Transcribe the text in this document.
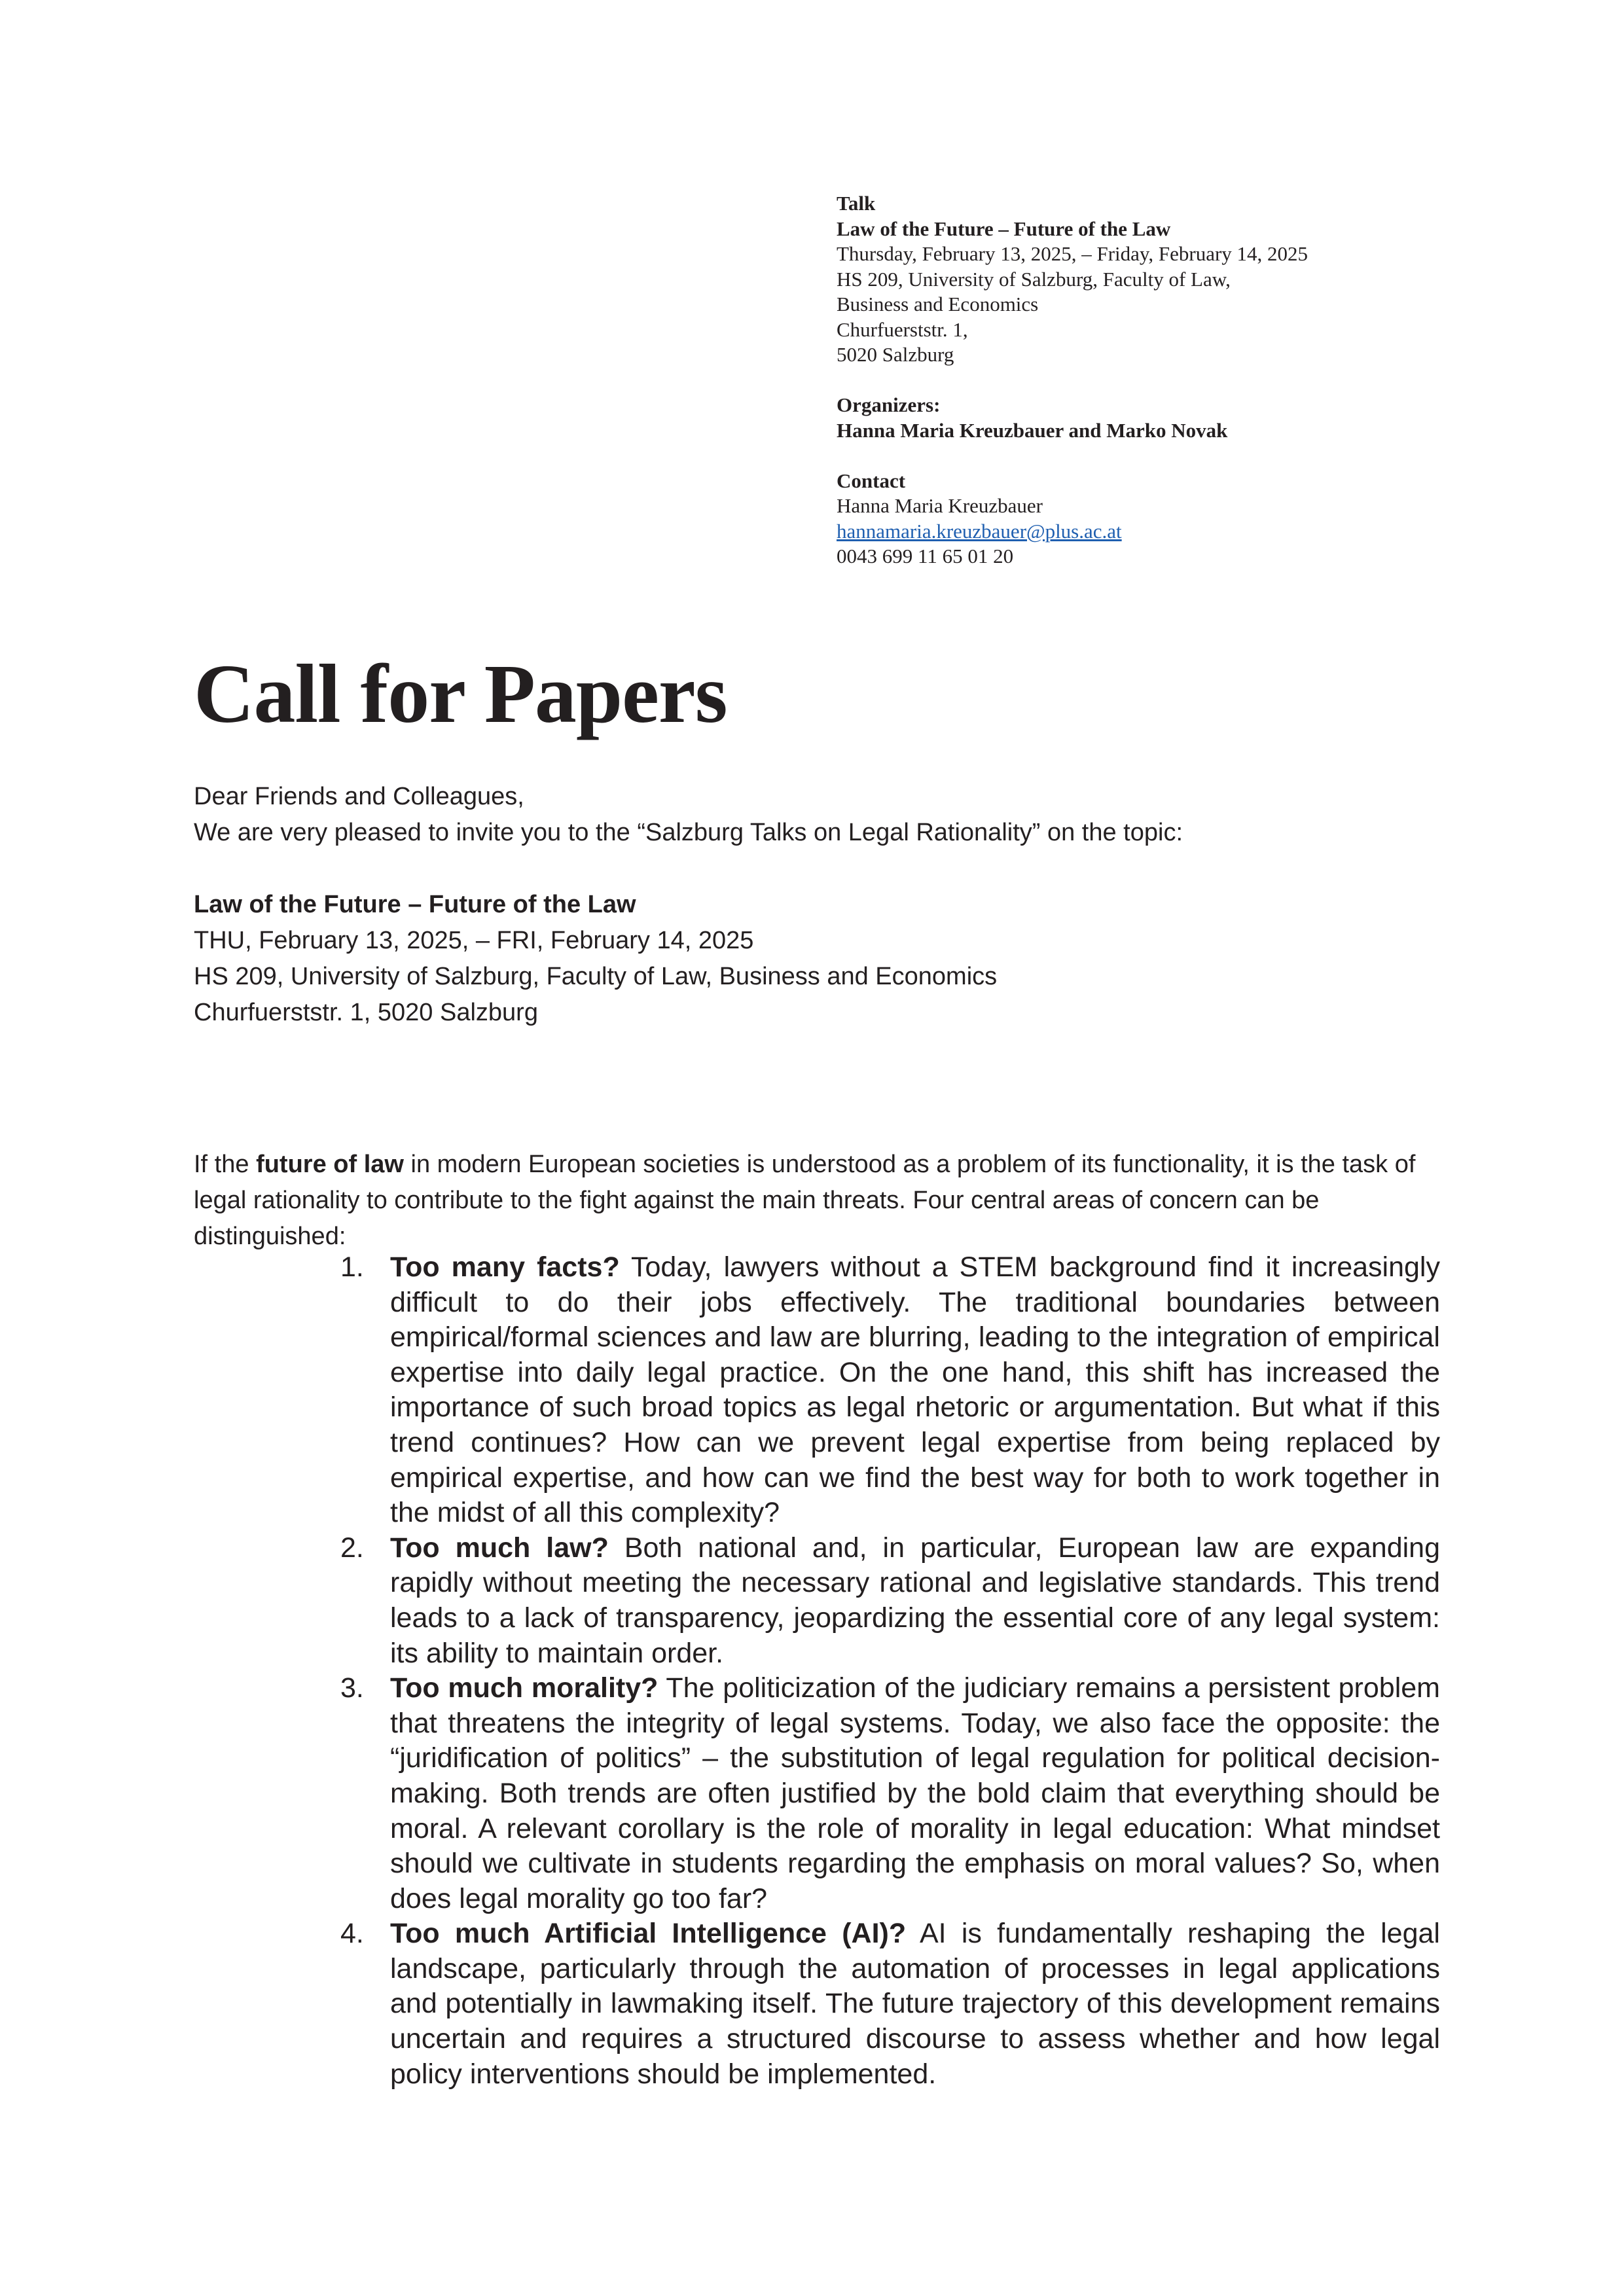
Talk
Law of the Future – Future of the Law
Thursday, February 13, 2025, – Friday, February 14, 2025
HS 209, University of Salzburg, Faculty of Law,
Business and Economics
Churfuerststr. 1,
5020 Salzburg
Organizers:
Hanna Maria Kreuzbauer and Marko Novak
Contact
Hanna Maria Kreuzbauer
hannamaria.kreuzbauer@plus.ac.at
0043 699 11 65 01 20
Call for Papers
Dear Friends and Colleagues,
We are very pleased to invite you to the “Salzburg Talks on Legal Rationality” on the topic:
Law of the Future – Future of the Law
THU, February 13, 2025, – FRI, February 14, 2025
HS 209, University of Salzburg, Faculty of Law, Business and Economics
Churfuerststr. 1, 5020 Salzburg

If the future of law in modern European societies is understood as a problem of its functionality, it is the task of legal rationality to contribute to the fight against the main threats. Four central areas of concern can be distinguished:

1. Too many facts? Today, lawyers without a STEM background find it increasingly difficult to do their jobs effectively. The traditional boundaries between empirical/formal sciences and law are blurring, leading to the integration of empirical expertise into daily legal practice. On the one hand, this shift has increased the importance of such broad topics as legal rhetoric or argumentation. But what if this trend continues? How can we prevent legal expertise from being replaced by empirical expertise, and how can we find the best way for both to work together in the midst of all this complexity?
2. Too much law? Both national and, in particular, European law are expanding rapidly without meeting the necessary rational and legislative standards. This trend leads to a lack of transparency, jeopardizing the essential core of any legal system: its ability to maintain order.
3. Too much morality? The politicization of the judiciary remains a persistent problem that threatens the integrity of legal systems. Today, we also face the opposite: the “juridification of politics” – the substitution of legal regulation for political decision-making. Both trends are often justified by the bold claim that everything should be moral. A relevant corollary is the role of morality in legal education: What mindset should we cultivate in students regarding the emphasis on moral values? So, when does legal morality go too far?
4. Too much Artificial Intelligence (AI)? AI is fundamentally reshaping the legal landscape, particularly through the automation of processes in legal applications and potentially in lawmaking itself. The future trajectory of this development remains uncertain and requires a structured discourse to assess whether and how legal policy interventions should be implemented.
